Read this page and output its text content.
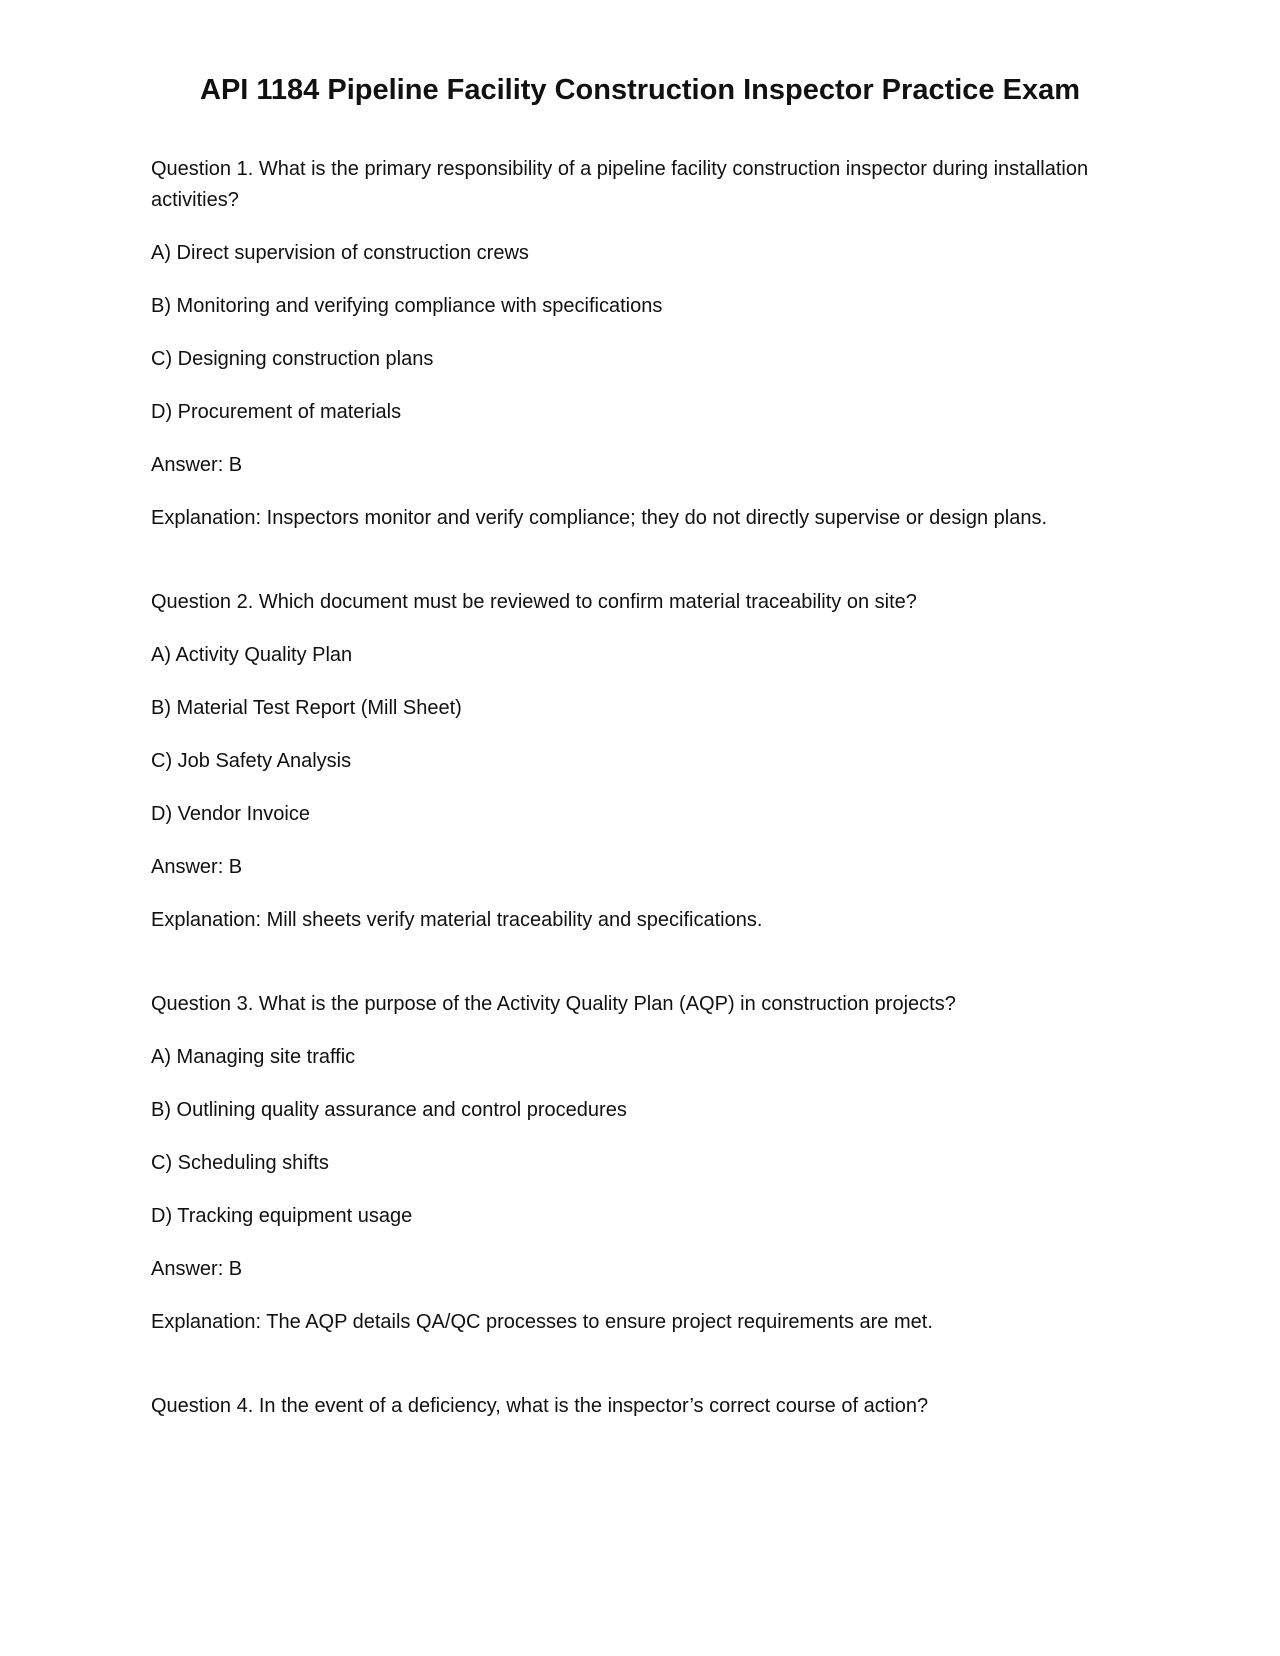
API 1184 Pipeline Facility Construction Inspector Practice Exam

Question 1. What is the primary responsibility of a pipeline facility construction inspector during installation activities?

A) Direct supervision of construction crews

B) Monitoring and verifying compliance with specifications

C) Designing construction plans

D) Procurement of materials

Answer: B

Explanation: Inspectors monitor and verify compliance; they do not directly supervise or design plans.

Question 2. Which document must be reviewed to confirm material traceability on site?

A) Activity Quality Plan

B) Material Test Report (Mill Sheet)

C) Job Safety Analysis

D) Vendor Invoice

Answer: B

Explanation: Mill sheets verify material traceability and specifications.

Question 3. What is the purpose of the Activity Quality Plan (AQP) in construction projects?

A) Managing site traffic

B) Outlining quality assurance and control procedures

C) Scheduling shifts

D) Tracking equipment usage

Answer: B

Explanation: The AQP details QA/QC processes to ensure project requirements are met.

Question 4. In the event of a deficiency, what is the inspector’s correct course of action?
